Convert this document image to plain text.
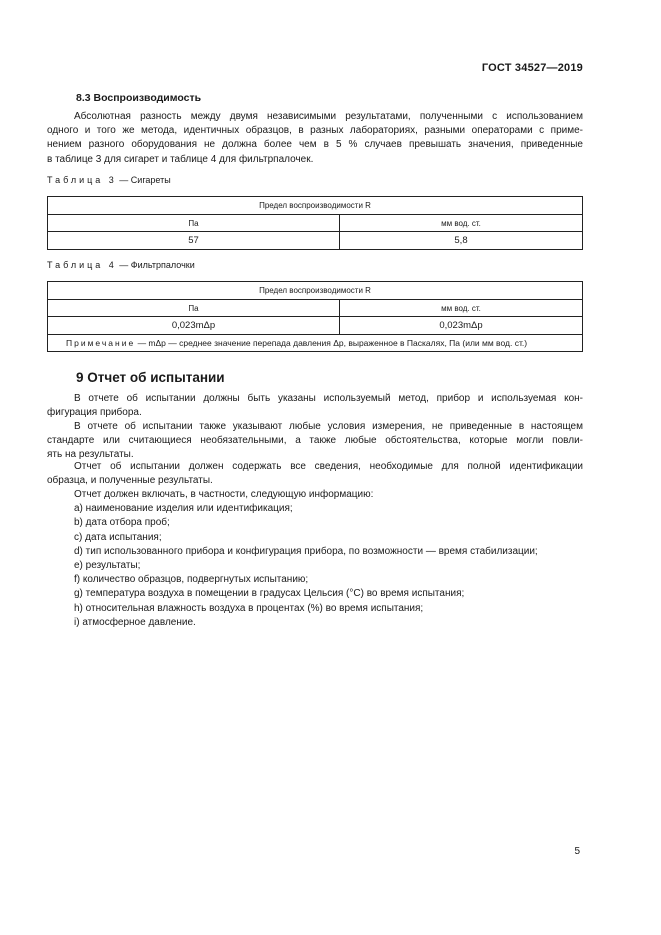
ГОСТ 34527—2019
8.3 Воспроизводимость
Абсолютная разность между двумя независимыми результатами, полученными с использованием
одного и того же метода, идентичных образцов, в разных лабораториях, разными операторами с приме-
нением разного оборудования не должна более чем в 5 % случаев превышать значения, приведенные
в таблице 3 для сигарет и таблице 4 для фильтрпалочек.
Таблица 3 — Сигареты
Предел воспроизводимости R	
Па	мм вод. ст.
57	5,8
Таблица 4 — Фильтрпалочки
Предел воспроизводимости R	
Па	мм вод. ст.
0,023mΔp	0,023mΔp
Примечание — mΔp — среднее значение перепада давления Δp, выраженное в Паскалях, Па (или мм вод. ст.)	
9 Отчет об испытании
В отчете об испытании должны быть указаны используемый метод, прибор и используемая кон-
фигурация прибора.
В отчете об испытании также указывают любые условия измерения, не приведенные в настоящем
стандарте или считающиеся необязательными, а также любые обстоятельства, которые могли повли-
ять на результаты.
Отчет об испытании должен содержать все сведения, необходимые для полной идентификации
образца, и полученные результаты.
Отчет должен включать, в частности, следующую информацию:
a) наименование изделия или идентификация;
b) дата отбора проб;
c) дата испытания;
d) тип использованного прибора и конфигурация прибора, по возможности — время стабилизации;
e) результаты;
f) количество образцов, подвергнутых испытанию;
g) температура воздуха в помещении в градусах Цельсия (°C) во время испытания;
h) относительная влажность воздуха в процентах (%) во время испытания;
i) атмосферное давление.
5
